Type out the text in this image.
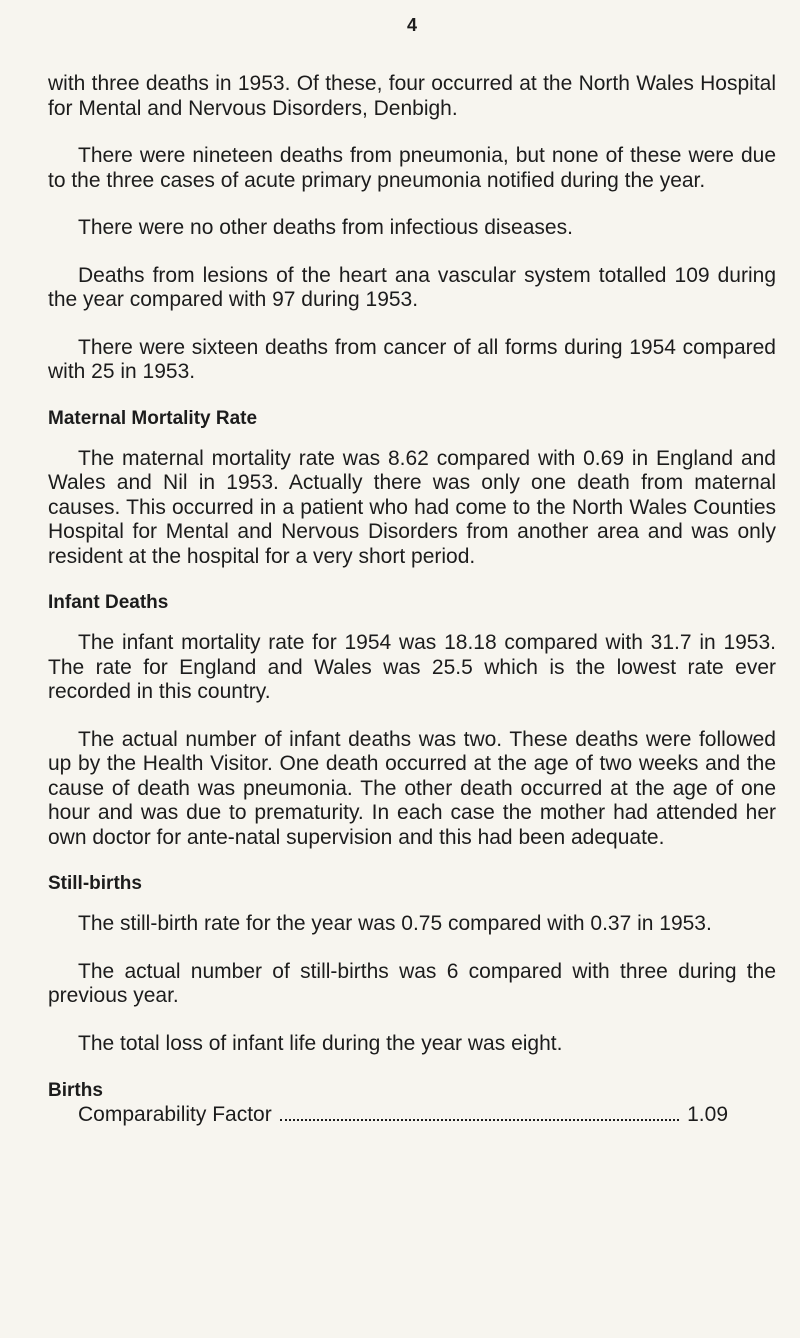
4

with three deaths in 1953. Of these, four occurred at the North Wales Hospital for Mental and Nervous Disorders, Denbigh.

There were nineteen deaths from pneumonia, but none of these were due to the three cases of acute primary pneumonia notified during the year.

There were no other deaths from infectious diseases.

Deaths from lesions of the heart ana vascular system totalled 109 during the year compared with 97 during 1953.

There were sixteen deaths from cancer of all forms during 1954 compared with 25 in 1953.

Maternal Mortality Rate

The maternal mortality rate was 8.62 compared with 0.69 in England and Wales and Nil in 1953. Actually there was only one death from maternal causes. This occurred in a patient who had come to the North Wales Counties Hospital for Mental and Nervous Disorders from another area and was only resident at the hospital for a very short period.

Infant Deaths

The infant mortality rate for 1954 was 18.18 compared with 31.7 in 1953. The rate for England and Wales was 25.5 which is the lowest rate ever recorded in this country.

The actual number of infant deaths was two. These deaths were followed up by the Health Visitor. One death occurred at the age of two weeks and the cause of death was pneumonia. The other death occurred at the age of one hour and was due to prematurity. In each case the mother had attended her own doctor for ante-natal supervision and this had been adequate.

Still-births

The still-birth rate for the year was 0.75 compared with 0.37 in 1953.

The actual number of still-births was 6 compared with three during the previous year.

The total loss of infant life during the year was eight.

Births
Comparability Factor	1.09
